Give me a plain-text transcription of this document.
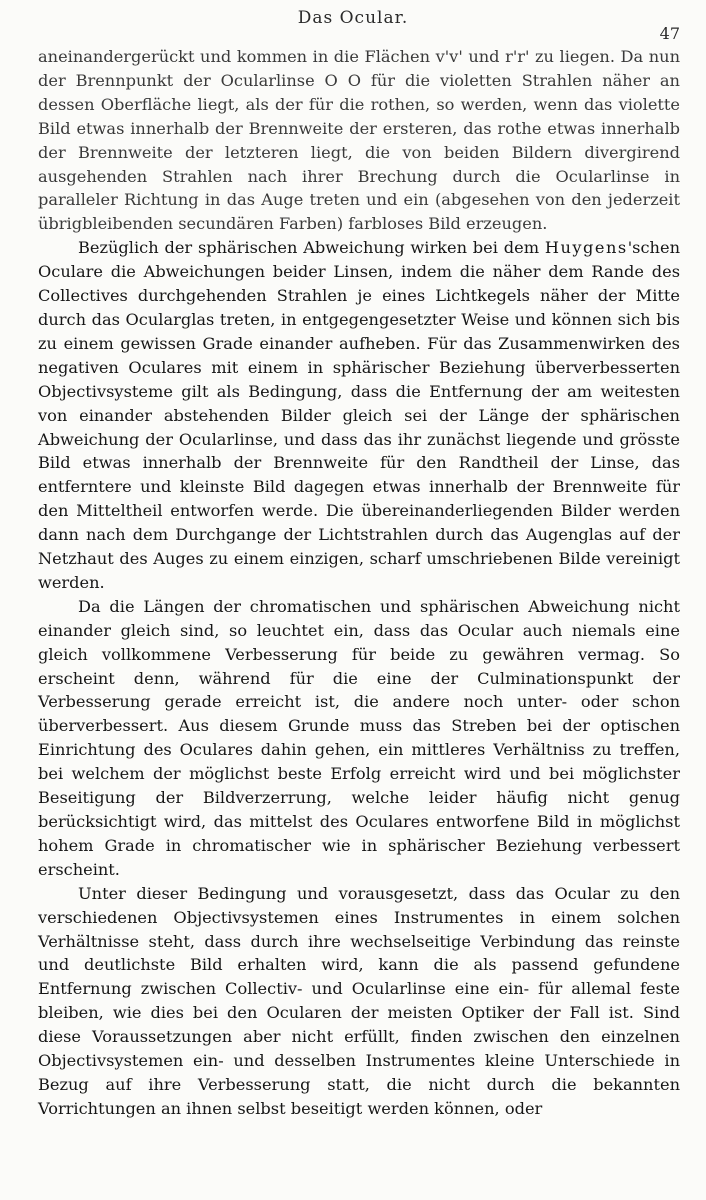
Das Ocular.
47

aneinandergerückt und kommen in die Flächen v'v' und r'r' zu liegen. Da nun der Brennpunkt der Ocularlinse O O für die violetten Strahlen näher an dessen Oberfläche liegt, als der für die rothen, so werden, wenn das violette Bild etwas innerhalb der Brennweite der ersteren, das rothe etwas innerhalb der Brennweite der letzteren liegt, die von beiden Bildern divergirend ausgehenden Strahlen nach ihrer Brechung durch die Ocularlinse in paralleler Richtung in das Auge treten und ein (abgesehen von den jederzeit übrigbleibenden secundären Farben) farbloses Bild erzeugen.

Bezüglich der sphärischen Abweichung wirken bei dem Huygens'schen Oculare die Abweichungen beider Linsen, indem die näher dem Rande des Collectives durchgehenden Strahlen je eines Lichtkegels näher der Mitte durch das Ocularglas treten, in entgegengesetzter Weise und können sich bis zu einem gewissen Grade einander aufheben. Für das Zusammenwirken des negativen Oculares mit einem in sphärischer Beziehung überverbesserten Objectivsysteme gilt als Bedingung, dass die Entfernung der am weitesten von einander abstehenden Bilder gleich sei der Länge der sphärischen Abweichung der Ocularlinse, und dass das ihr zunächst liegende und grösste Bild etwas innerhalb der Brennweite für den Randtheil der Linse, das entferntere und kleinste Bild dagegen etwas innerhalb der Brennweite für den Mitteltheil entworfen werde. Die übereinanderliegenden Bilder werden dann nach dem Durchgange der Lichtstrahlen durch das Augenglas auf der Netzhaut des Auges zu einem einzigen, scharf umschriebenen Bilde vereinigt werden.

Da die Längen der chromatischen und sphärischen Abweichung nicht einander gleich sind, so leuchtet ein, dass das Ocular auch niemals eine gleich vollkommene Verbesserung für beide zu gewähren vermag. So erscheint denn, während für die eine der Culminationspunkt der Verbesserung gerade erreicht ist, die andere noch unter- oder schon überverbessert. Aus diesem Grunde muss das Streben bei der optischen Einrichtung des Oculares dahin gehen, ein mittleres Verhältniss zu treffen, bei welchem der möglichst beste Erfolg erreicht wird und bei möglichster Beseitigung der Bildverzerrung, welche leider häufig nicht genug berücksichtigt wird, das mittelst des Oculares entworfene Bild in möglichst hohem Grade in chromatischer wie in sphärischer Beziehung verbessert erscheint.

Unter dieser Bedingung und vorausgesetzt, dass das Ocular zu den verschiedenen Objectivsystemen eines Instrumentes in einem solchen Verhältnisse steht, dass durch ihre wechselseitige Verbindung das reinste und deutlichste Bild erhalten wird, kann die als passend gefundene Entfernung zwischen Collectiv- und Ocularlinse eine ein- für allemal feste bleiben, wie dies bei den Ocularen der meisten Optiker der Fall ist. Sind diese Voraussetzungen aber nicht erfüllt, finden zwischen den einzelnen Objectivsystemen ein- und desselben Instrumentes kleine Unterschiede in Bezug auf ihre Verbesserung statt, die nicht durch die bekannten Vorrichtungen an ihnen selbst beseitigt werden können, oder
